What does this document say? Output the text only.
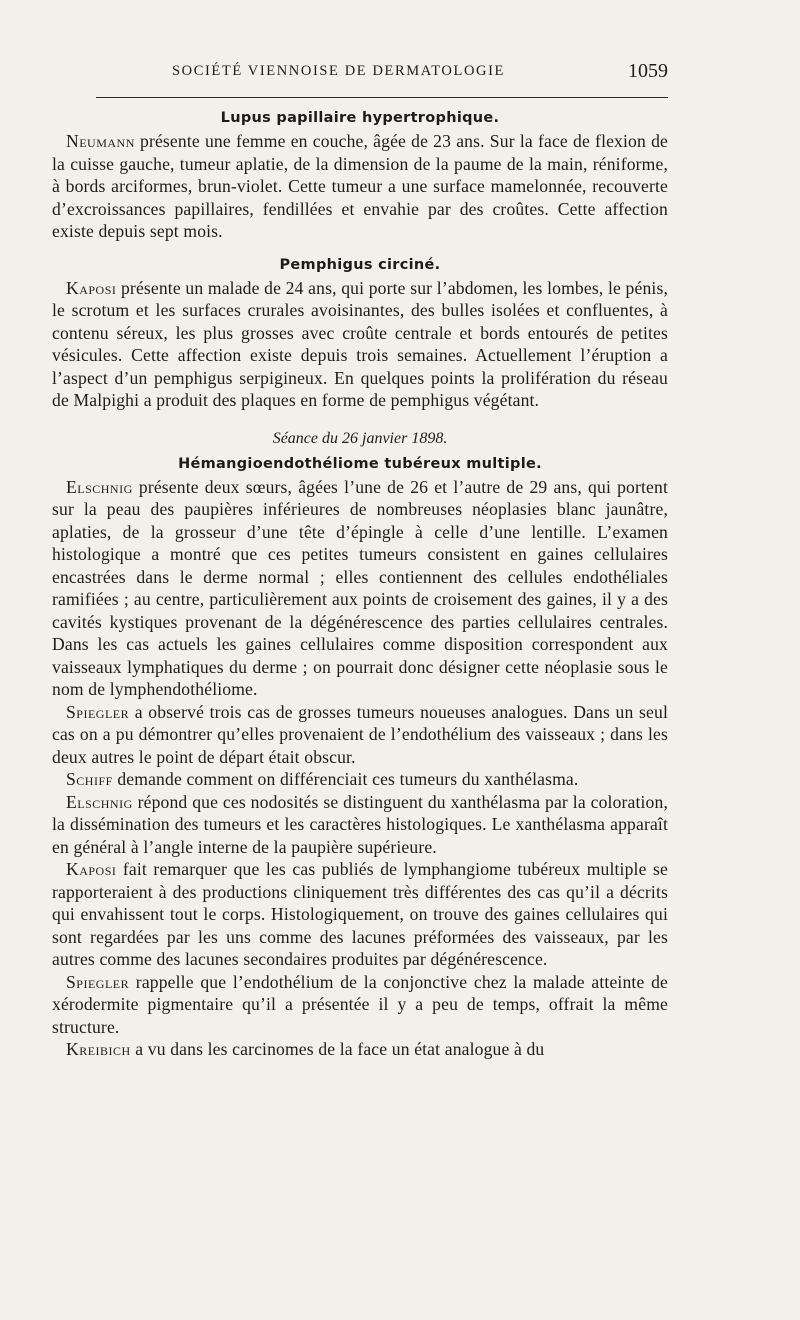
SOCIÉTÉ VIENNOISE DE DERMATOLOGIE	1059
Lupus papillaire hypertrophique.

Neumann présente une femme en couche, âgée de 23 ans. Sur la face de flexion de la cuisse gauche, tumeur aplatie, de la dimension de la paume de la main, réniforme, à bords arciformes, brun-violet. Cette tumeur a une surface mamelonnée, recouverte d’excroissances papillaires, fendillées et envahie par des croûtes. Cette affection existe depuis sept mois.

Pemphigus circiné.

Kaposi présente un malade de 24 ans, qui porte sur l’abdomen, les lombes, le pénis, le scrotum et les surfaces crurales avoisinantes, des bulles isolées et confluentes, à contenu séreux, les plus grosses avec croûte centrale et bords entourés de petites vésicules. Cette affection existe depuis trois semaines. Actuellement l’éruption a l’aspect d’un pemphigus serpigineux. En quelques points la prolifération du réseau de Malpighi a produit des plaques en forme de pemphigus végétant.

Séance du 26 janvier 1898.
Hémangioendothéliome tubéreux multiple.

Elschnig présente deux sœurs, âgées l’une de 26 et l’autre de 29 ans, qui portent sur la peau des paupières inférieures de nombreuses néoplasies blanc jaunâtre, aplaties, de la grosseur d’une tête d’épingle à celle d’une lentille. L’examen histologique a montré que ces petites tumeurs consistent en gaines cellulaires encastrées dans le derme normal ; elles contiennent des cellules endothéliales ramifiées ; au centre, particulièrement aux points de croisement des gaines, il y a des cavités kystiques provenant de la dégénérescence des parties cellulaires centrales. Dans les cas actuels les gaines cellulaires comme disposition correspondent aux vaisseaux lymphatiques du derme ; on pourrait donc désigner cette néoplasie sous le nom de lymphendothéliome.

Spiegler a observé trois cas de grosses tumeurs noueuses analogues. Dans un seul cas on a pu démontrer qu’elles provenaient de l’endothélium des vaisseaux ; dans les deux autres le point de départ était obscur.

Schiff demande comment on différenciait ces tumeurs du xanthélasma.

Elschnig répond que ces nodosités se distinguent du xanthélasma par la coloration, la dissémination des tumeurs et les caractères histologiques. Le xanthélasma apparaît en général à l’angle interne de la paupière supérieure.

Kaposi fait remarquer que les cas publiés de lymphangiome tubéreux multiple se rapporteraient à des productions cliniquement très différentes des cas qu’il a décrits qui envahissent tout le corps. Histologiquement, on trouve des gaines cellulaires qui sont regardées par les uns comme des lacunes préformées des vaisseaux, par les autres comme des lacunes secondaires produites par dégénérescence.

Spiegler rappelle que l’endothélium de la conjonctive chez la malade atteinte de xérodermite pigmentaire qu’il a présentée il y a peu de temps, offrait la même structure.

Kreibich a vu dans les carcinomes de la face un état analogue à du
